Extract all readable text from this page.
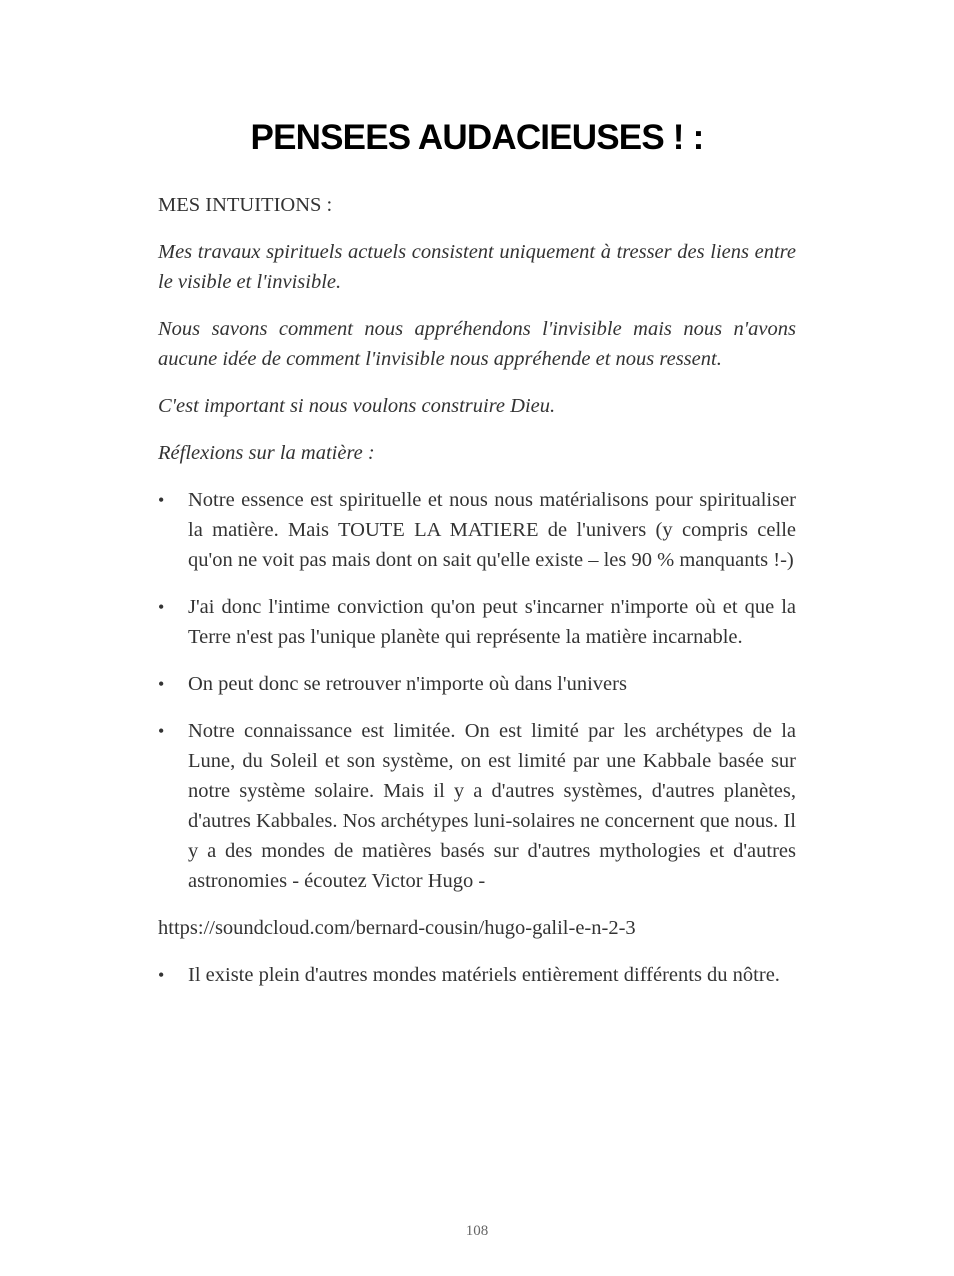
PENSEES AUDACIEUSES ! :

MES INTUITIONS :

Mes travaux spirituels actuels consistent uniquement à tresser des liens entre le visible et l'invisible.

Nous savons comment nous appréhendons l'invisible mais nous n'avons aucune idée de comment l'invisible nous appréhende et nous ressent.

C'est important si nous voulons construire Dieu.

Réflexions sur la matière :

• Notre essence est spirituelle et nous nous matérialisons pour spiritualiser la matière. Mais TOUTE LA MATIERE de l'univers (y compris celle qu'on ne voit pas mais dont on sait qu'elle existe – les 90 % manquants !-)
• J'ai donc l'intime conviction qu'on peut s'incarner n'importe où et que la Terre n'est pas l'unique planète qui représente la matière incarnable.
• On peut donc se retrouver n'importe où dans l'univers
• Notre connaissance est limitée. On est limité par les archétypes de la Lune, du Soleil et son système, on est limité par une Kabbale basée sur notre système solaire. Mais il y a d'autres systèmes, d'autres planètes, d'autres Kabbales. Nos archétypes luni-solaires ne concernent que nous. Il y a des mondes de matières basés sur d'autres mythologies et d'autres astronomies - écoutez Victor Hugo -

https://soundcloud.com/bernard-cousin/hugo-galil-e-n-2-3

• Il existe plein d'autres mondes matériels entièrement différents du nôtre.
108
